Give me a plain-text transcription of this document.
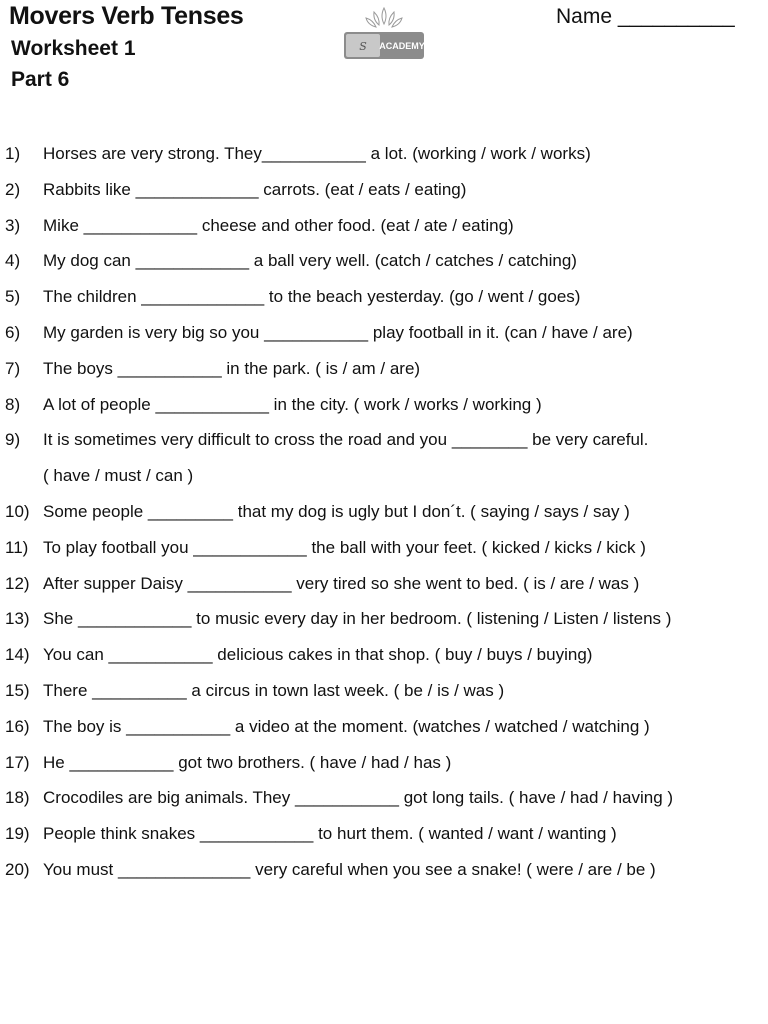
Movers Verb Tenses
Worksheet 1
Part 6
S ACADEMY
Name __________
1) Horses are very strong. They___________ a lot. (working / work / works)
2) Rabbits like _____________ carrots. (eat / eats / eating)
3) Mike ____________ cheese and other food. (eat / ate / eating)
4) My dog can ____________ a ball very well. (catch / catches / catching)
5) The children _____________ to the beach yesterday. (go / went / goes)
6) My garden is very big so you ___________ play football in it. (can / have / are)
7) The boys ___________ in the park. ( is / am / are)
8) A lot of people ____________ in the city. ( work / works / working )
9) It is sometimes very difficult to cross the road and you ________ be very careful.
( have / must / can )
10) Some people _________ that my dog is ugly but I don´t. ( saying / says / say )
11) To play football you ____________ the ball with your feet. ( kicked / kicks / kick )
12) After supper Daisy ___________ very tired so she went to bed. ( is / are / was )
13) She ____________ to music every day in her bedroom. ( listening / Listen / listens )
14) You can ___________ delicious cakes in that shop. ( buy / buys / buying)
15) There __________ a circus in town last week. ( be / is / was )
16) The boy is ___________ a video at the moment. (watches / watched / watching )
17) He ___________ got two brothers. ( have / had / has )
18) Crocodiles are big animals. They ___________ got long tails. ( have / had / having )
19) People think snakes ____________ to hurt them. ( wanted / want / wanting )
20) You must ______________ very careful when you see a snake! ( were / are / be )
